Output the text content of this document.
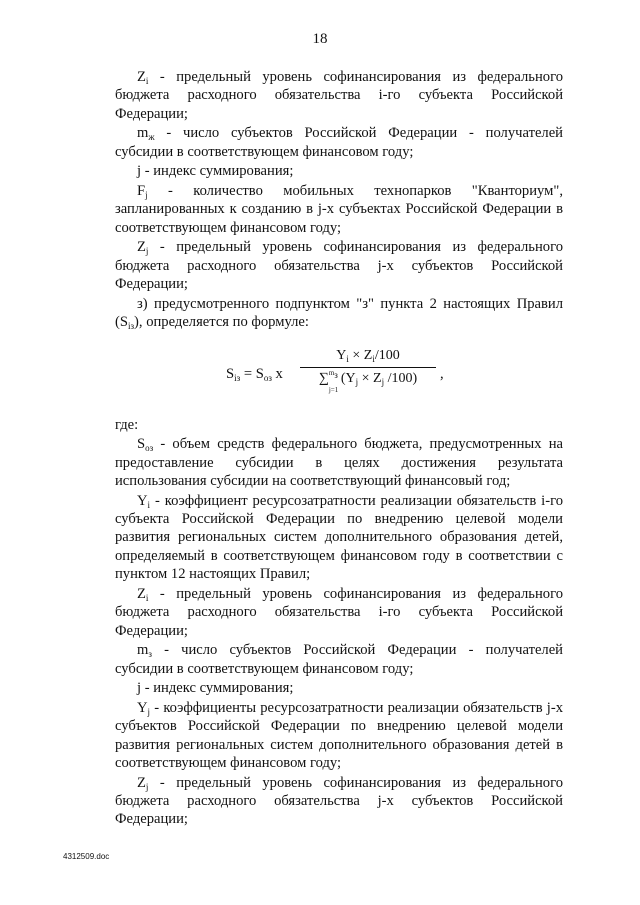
18

$Z_i$ - предельный уровень софинансирования из федерального бюджета расходного обязательства i-го субъекта Российской Федерации;

$m_ж$ - число субъектов Российской Федерации - получателей субсидии в соответствующем финансовом году;

j - индекс суммирования;

$F_j$ - количество мобильных технопарков "Кванториум", запланированных к созданию в j-х субъектах Российской Федерации в соответствующем финансовом году;

$Z_j$ - предельный уровень софинансирования из федерального бюджета расходного обязательства j-х субъектов Российской Федерации;

з) предусмотренного подпунктом "з" пункта 2 настоящих Правил $(S_{iз})$, определяется по формуле:

$S_{iз} = S_{оз}$ х
$Y_i \times Z_i/100$
∑ $m_з$
j=1
($Y_j \times Z_j$ /100)	,

где:

$S_{оз}$ - объем средств федерального бюджета, предусмотренных на предоставление субсидии в целях достижения результата использования субсидии на соответствующий финансовый год;

$Y_i$ - коэффициент ресурсозатратности реализации обязательств i-го субъекта Российской Федерации по внедрению целевой модели развития региональных систем дополнительного образования детей, определяемый в соответствующем финансовом году в соответствии с пунктом 12 настоящих Правил;

$Z_i$ - предельный уровень софинансирования из федерального бюджета расходного обязательства i-го субъекта Российской Федерации;

$m_з$ - число субъектов Российской Федерации - получателей субсидии в соответствующем финансовом году;

j - индекс суммирования;

$Y_j$ - коэффициенты ресурсозатратности реализации обязательств j-х субъектов Российской Федерации по внедрению целевой модели развития региональных систем дополнительного образования детей в соответствующем финансовом году;

$Z_j$ - предельный уровень софинансирования из федерального бюджета расходного обязательства j-х субъектов Российской Федерации;

4312509.doc
